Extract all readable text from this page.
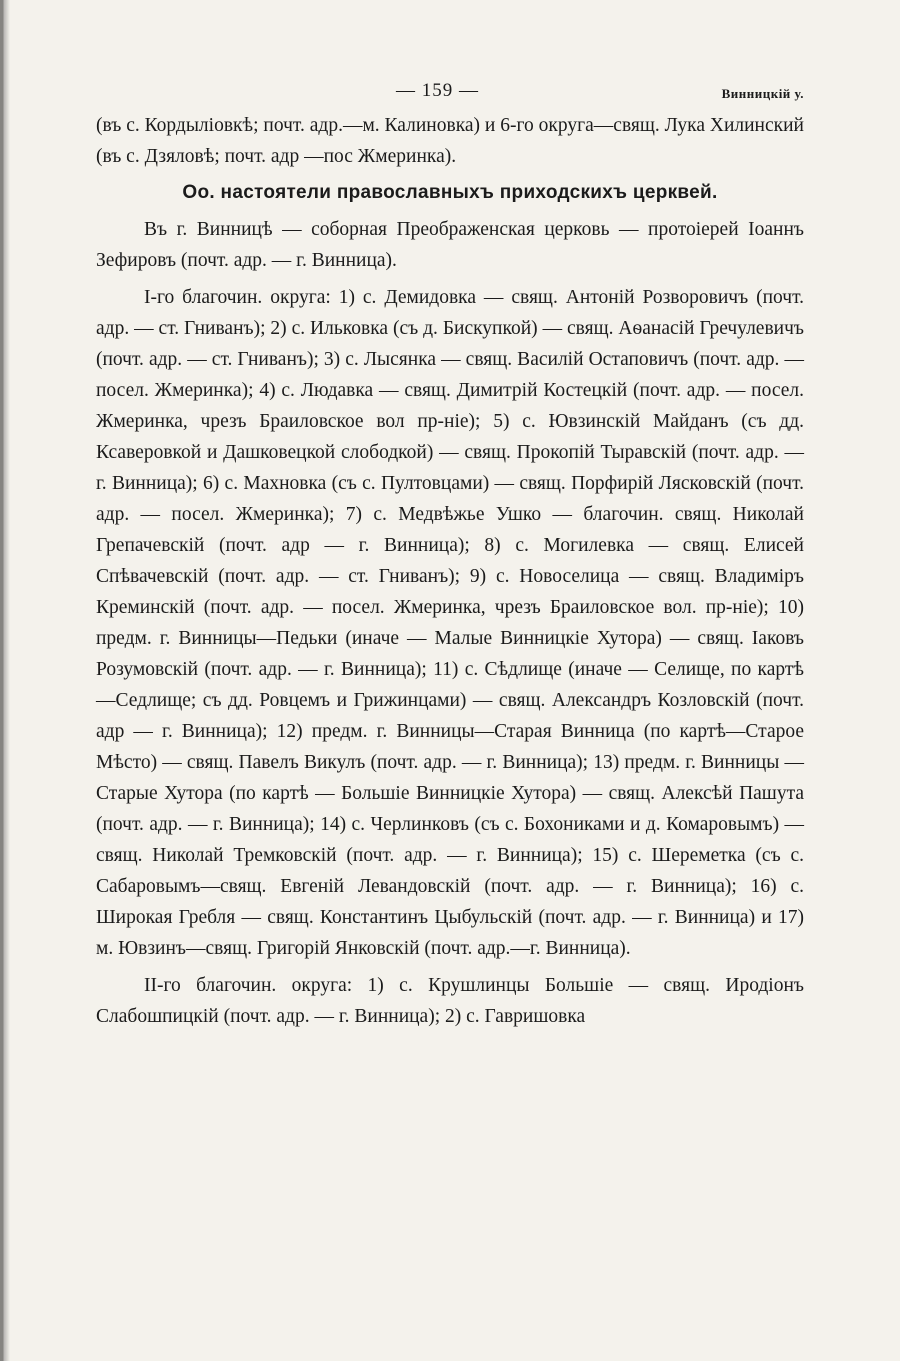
— 159 —	Винницкій у.

(въ с. Кордыліовкѣ; почт. адр.—м. Калиновка) и 6-го округа—свящ. Лука Хилинский (въ с. Дзяловѣ; почт. адр —пос Жмеринка).

Оо. настоятели православныхъ приходскихъ церквей.

Въ г. Винницѣ — соборная Преображенская церковь — протоіерей Іоаннъ Зефировъ (почт. адр. — г. Винница).

І-го благочин. округа: 1) с. Демидовка — свящ. Антоній Розворовичъ (почт. адр. — ст. Гниванъ); 2) с. Ильковка (съ д. Бискупкой) — свящ. Аѳанасій Гречулевичъ (почт. адр. — ст. Гниванъ); 3) с. Лысянка — свящ. Василій Остаповичъ (почт. адр. — посел. Жмеринка); 4) с. Людавка — свящ. Димитрій Костецкій (почт. адр. — посел. Жмеринка, чрезъ Браиловское вол пр-ніе); 5) с. Ювзинскій Майданъ (съ дд. Ксаверовкой и Дашковецкой слободкой) — свящ. Прокопій Тыравскій (почт. адр. — г. Винница); 6) с. Махновка (съ с. Пултовцами) — свящ. Порфирій Лясковскій (почт. адр. — посел. Жмеринка); 7) с. Медвѣжье Ушко — благочин. свящ. Николай Грепачевскій (почт. адр — г. Винница); 8) с. Могилевка — свящ. Елисей Спѣвачевскій (почт. адр. — ст. Гниванъ); 9) с. Новоселица — свящ. Владиміръ Креминскій (почт. адр. — посел. Жмеринка, чрезъ Браиловское вол. пр-ніе); 10) предм. г. Винницы—Педьки (иначе — Малые Винницкіе Хутора) — свящ. Іаковъ Розумовскій (почт. адр. — г. Винница); 11) с. Сѣдлище (иначе — Селище, по картѣ—Седлище; съ дд. Ровцемъ и Грижинцами) — свящ. Александръ Козловскій (почт. адр — г. Винница); 12) предм. г. Винницы—Старая Винница (по картѣ—Старое Мѣсто) — свящ. Павелъ Викулъ (почт. адр. — г. Винница); 13) предм. г. Винницы — Старые Хутора (по картѣ — Большіе Винницкіе Хутора) — свящ. Алексѣй Пашута (почт. адр. — г. Винница); 14) с. Черлинковъ (съ с. Бохониками и д. Комаровымъ) — свящ. Николай Тремковскій (почт. адр. — г. Винница); 15) с. Шереметка (съ с. Сабаровымъ—свящ. Евгеній Левандовскій (почт. адр. — г. Винница); 16) с. Широкая Гребля — свящ. Константинъ Цыбульскій (почт. адр. — г. Винница) и 17) м. Ювзинъ—свящ. Григорій Янковскій (почт. адр.—г. Винница).

ІІ-го благочин. округа: 1) с. Крушлинцы Большіе — свящ. Иродіонъ Слабошпицкій (почт. адр. — г. Винница); 2) с. Гавришовка
